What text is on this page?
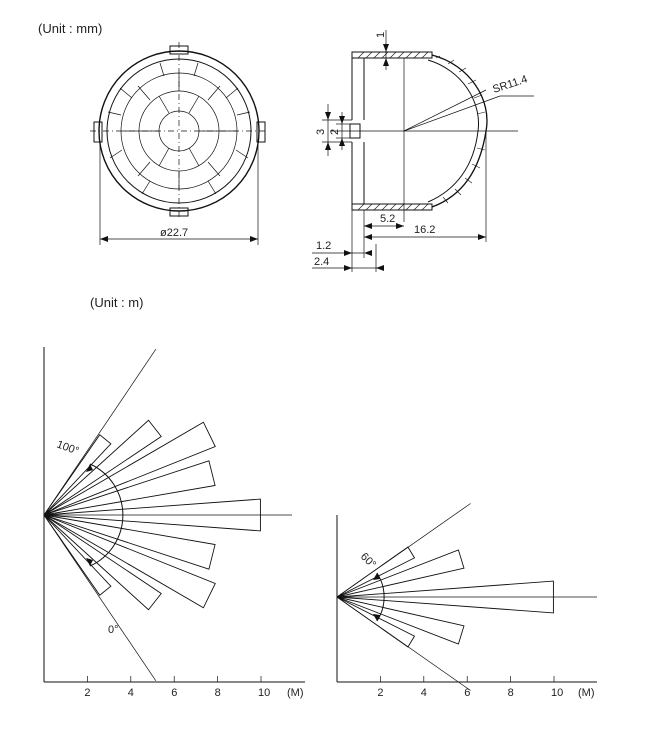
(Unit : mm)
ø22.7
SR11.4
1
3 2
5.2
16.2
1.2
2.4
(Unit : m)
2	4	6	8	10 (M)
100°
0°
2	4	6	8	10 (M)
60°
